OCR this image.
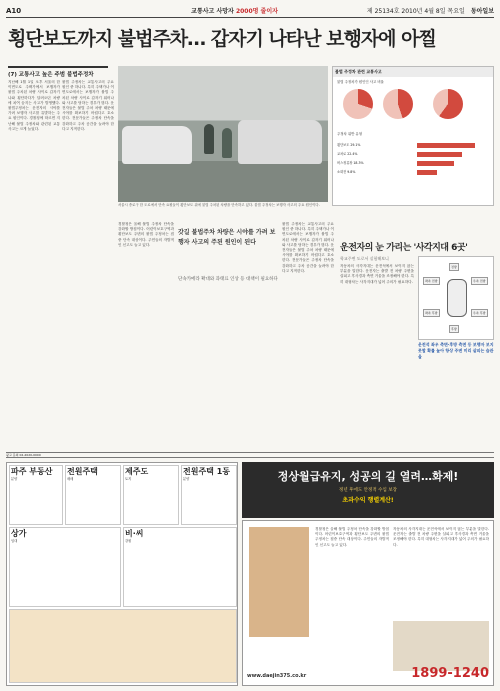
A10	교통사고 사망자 2000명 줄이자	제 25134호 2010년 4월 8일 목요일 동아일보
횡단보도까지 불법주차… 갑자기 나타난 보행자에 아찔
(7) 교통사고 높은 주범 불법주정차
지난해 1월 1일 오후 서울의 한 이면도로 주택가에서 보행자가 불법 주차된 차량 사이로 갑자기 나와 횡단하다가 달려오던 차량에 치여 숨지는 사고가 발생했다. 불법주정차는 운전자의 시야를 가려 보행자 사고를 유발하는 주요 원인이다. 경찰청에 따르면 지난해 불법 주정차와 관련된 교통사고는 크게 늘었다.
불법 주정차는 교통사고의 주요 원인 중 하나다. 특히 주택가나 이면도로에서는 보행자가 불법 주차된 차량 사이로 갑자기 튀어나와 사고를 당하는 경우가 많다. 운전자들은 불법 주차 차량 때문에 시야를 확보하기 어렵다고 호소한다. 전문가들은 주정차 단속을 강화하고 주차 공간을 늘려야 한다고 지적한다.
경찰청은 올해 불법 주정차 단속을 강화할 방침이다. 어린이보호구역과 횡단보도 주변의 불법 주정차는 집중 단속 대상이다. 주민들의 자발적인 신고도 늘고 있다.
불법 주정차는 교통사고의 주요 원인 중 하나다. 특히 주택가나 이면도로에서는 보행자가 불법 주차된 차량 사이로 갑자기 튀어나와 사고를 당하는 경우가 많다. 운전자들은 불법 주차 차량 때문에 시야를 확보하기 어렵다고 호소한다. 전문가들은 주정차 단속을 강화하고 주차 공간을 늘려야 한다고 지적한다.
자동차의 사각지대는 운전석에서 보이지 않는 부분을 말한다. 운전자는 출발 전 차량 주변을 살피고 후사경과 측면 거울을 조정해야 한다. 특히 대형차는 사각지대가 넓어 주의가 필요하다.
서울시 종로구 한 도로에서 단속 요원들이 횡단보도 위에 불법 주차된 차량을 단속하고 있다. 불법 주정차는 보행자 사고의 주요 원인이다.
불법 주정차 관련 교통사고
불법 주정차가 원인인 사고 비율
주정차 위반 유형
횡단보도 29.1%
교차로 22.4%
버스정류장 18.3%
소화전 9.8%
갓길 불법주차 차량은 시야를 가려 보행자 사고의 주된 원인이 된다
단속카메라 확대와 과태료 인상 등 대책이 필요하다
운전자의 눈 가리는 '사각지대 6곳'
학교주변 도로서 실험해보니
전방
좌측 전방	우측 전방
좌측 후방	우측 후방
후방
운전석 좌우 측면·후방 측면 등 보행자 보지 못할 확률 높아 항상 주변 미리 살피는 습관을
광고 문의 02-2020-0000
파주 부동산
분양
전원주택
매매
제주도
토지
전원주택 1동
분양
상가
임대
비·씨
강원
정상월급유지, 성공의 길 열려…화제!
정년 후에도 안정적 수입 보장
초과수익 행렬계산!
경찰청은 올해 불법 주정차 단속을 강화할 방침이다. 어린이보호구역과 횡단보도 주변의 불법 주정차는 집중 단속 대상이다. 주민들의 자발적인 신고도 늘고 있다.
자동차의 사각지대는 운전석에서 보이지 않는 부분을 말한다. 운전자는 출발 전 차량 주변을 살피고 후사경과 측면 거울을 조정해야 한다. 특히 대형차는 사각지대가 넓어 주의가 필요하다.
www.daejin375.co.kr	1899-1240
